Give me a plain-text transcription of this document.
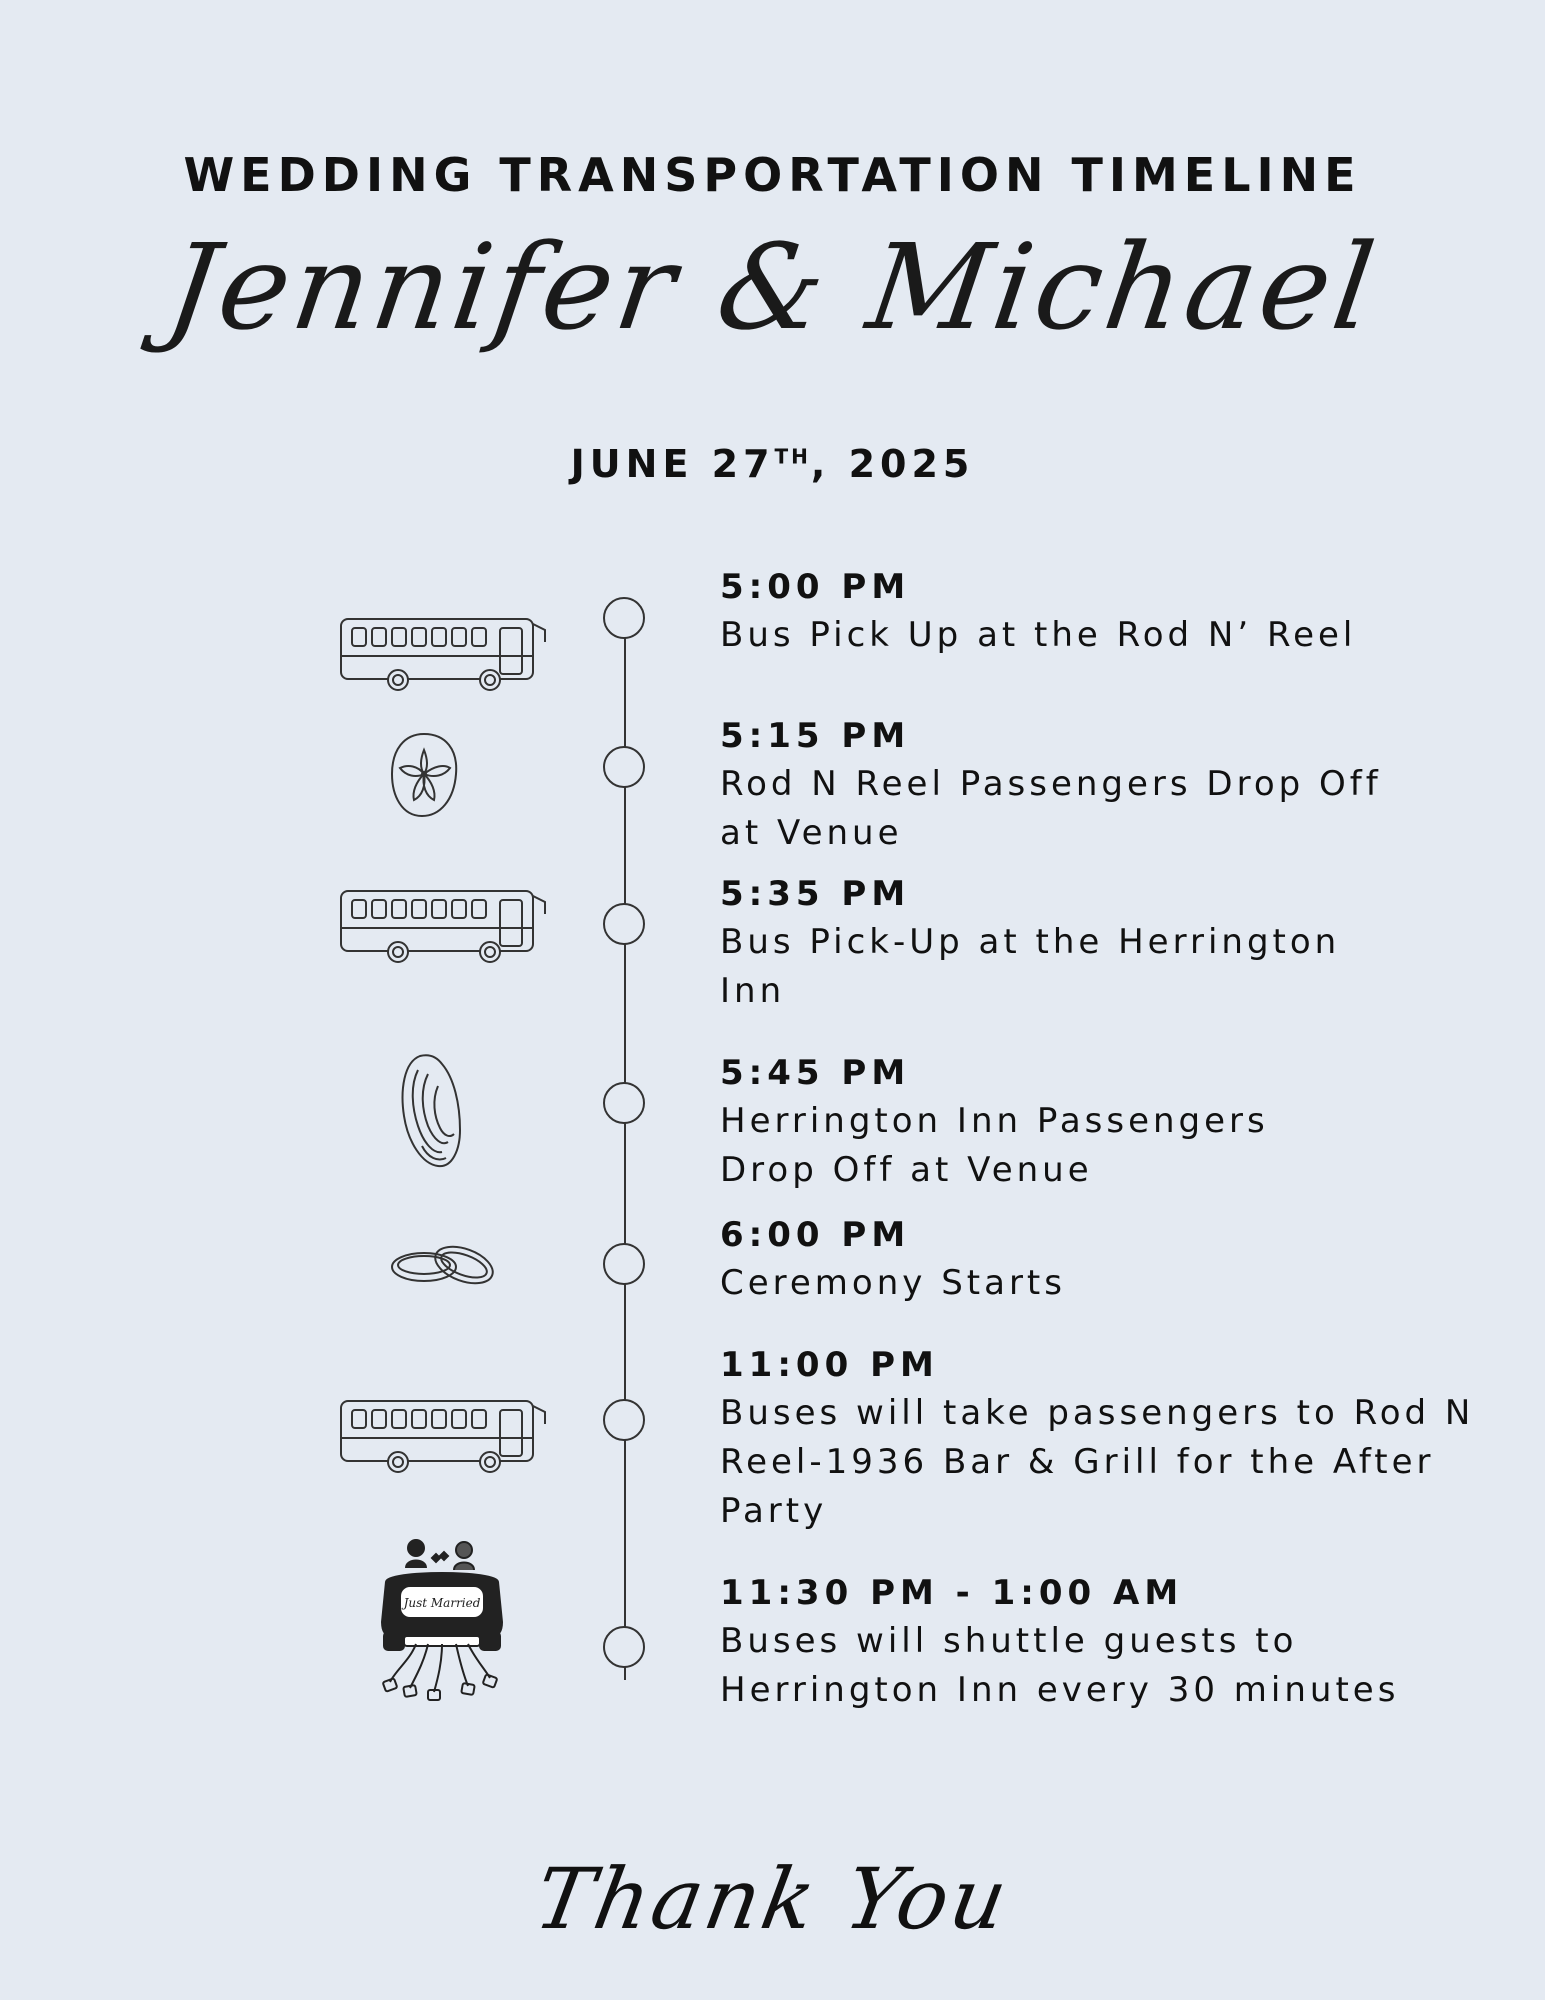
WEDDING TRANSPORTATION TIMELINE
Jennifer & Michael
JUNE 27TH, 2025
5:00 PM
Bus Pick Up at the Rod N’ Reel
5:15 PM
Rod N Reel Passengers Drop Off
at Venue
5:35 PM
Bus Pick-Up at the Herrington
Inn
5:45 PM
Herrington Inn Passengers
Drop Off at Venue
6:00 PM
Ceremony Starts
11:00 PM
Buses will take passengers to Rod N
Reel-1936 Bar & Grill for the After
Party
11:30 PM - 1:00 AM
Buses will shuttle guests to
Herrington Inn every 30 minutes
Just Married
Thank You
